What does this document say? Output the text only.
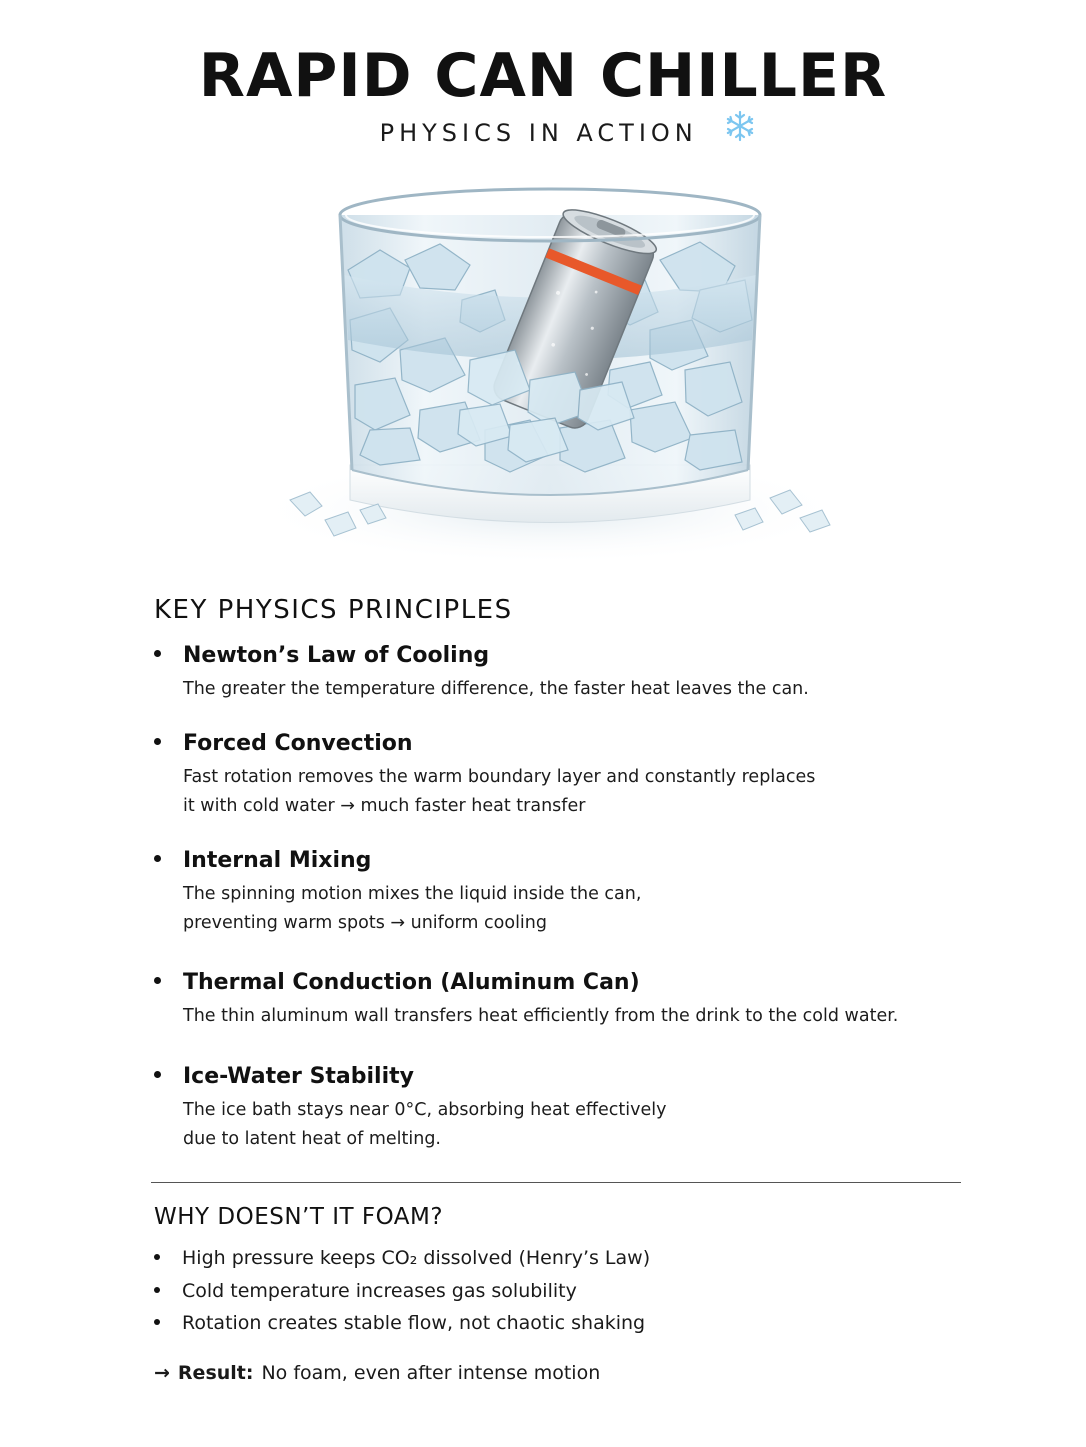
RAPID CAN CHILLER
PHYSICS IN ACTION
KEY PHYSICS PRINCIPLES
Newton’s Law of Cooling
The greater the temperature difference, the faster heat leaves the can.
Forced Convection
Fast rotation removes the warm boundary layer and constantly replaces
it with cold water → much faster heat transfer
Internal Mixing
The spinning motion mixes the liquid inside the can,
preventing warm spots → uniform cooling
Thermal Conduction (Aluminum Can)
The thin aluminum wall transfers heat efficiently from the drink to the cold water.
Ice-Water Stability
The ice bath stays near 0°C, absorbing heat effectively
due to latent heat of melting.
WHY DOESN’T IT FOAM?
High pressure keeps CO₂ dissolved (Henry’s Law)
Cold temperature increases gas solubility
Rotation creates stable flow, not chaotic shaking
→ Result: No foam, even after intense motion
